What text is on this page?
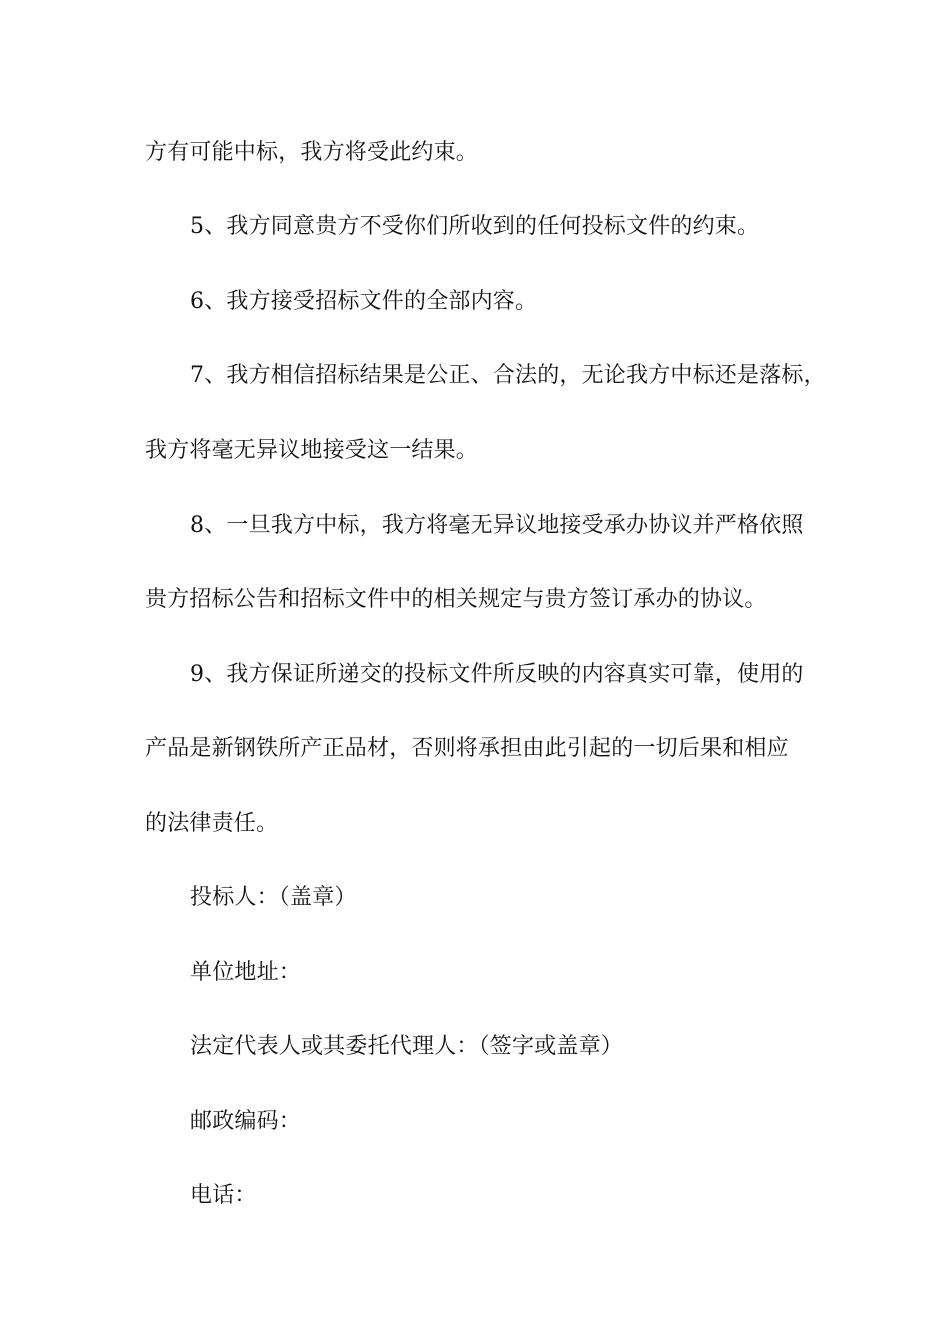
方有可能中标，我方将受此约束。
5、我方同意贵方不受你们所收到的任何投标文件的约束。
6、我方接受招标文件的全部内容。
7、我方相信招标结果是公正、合法的，无论我方中标还是落标，
我方将毫无异议地接受这一结果。
8、一旦我方中标，我方将毫无异议地接受承办协议并严格依照
贵方招标公告和招标文件中的相关规定与贵方签订承办的协议。
9、我方保证所递交的投标文件所反映的内容真实可靠，使用的
产品是新钢铁所产正品材，否则将承担由此引起的一切后果和相应
的法律责任。
投标人：（盖章）
单位地址：
法定代表人或其委托代理人：（签字或盖章）
邮政编码：
电话：
